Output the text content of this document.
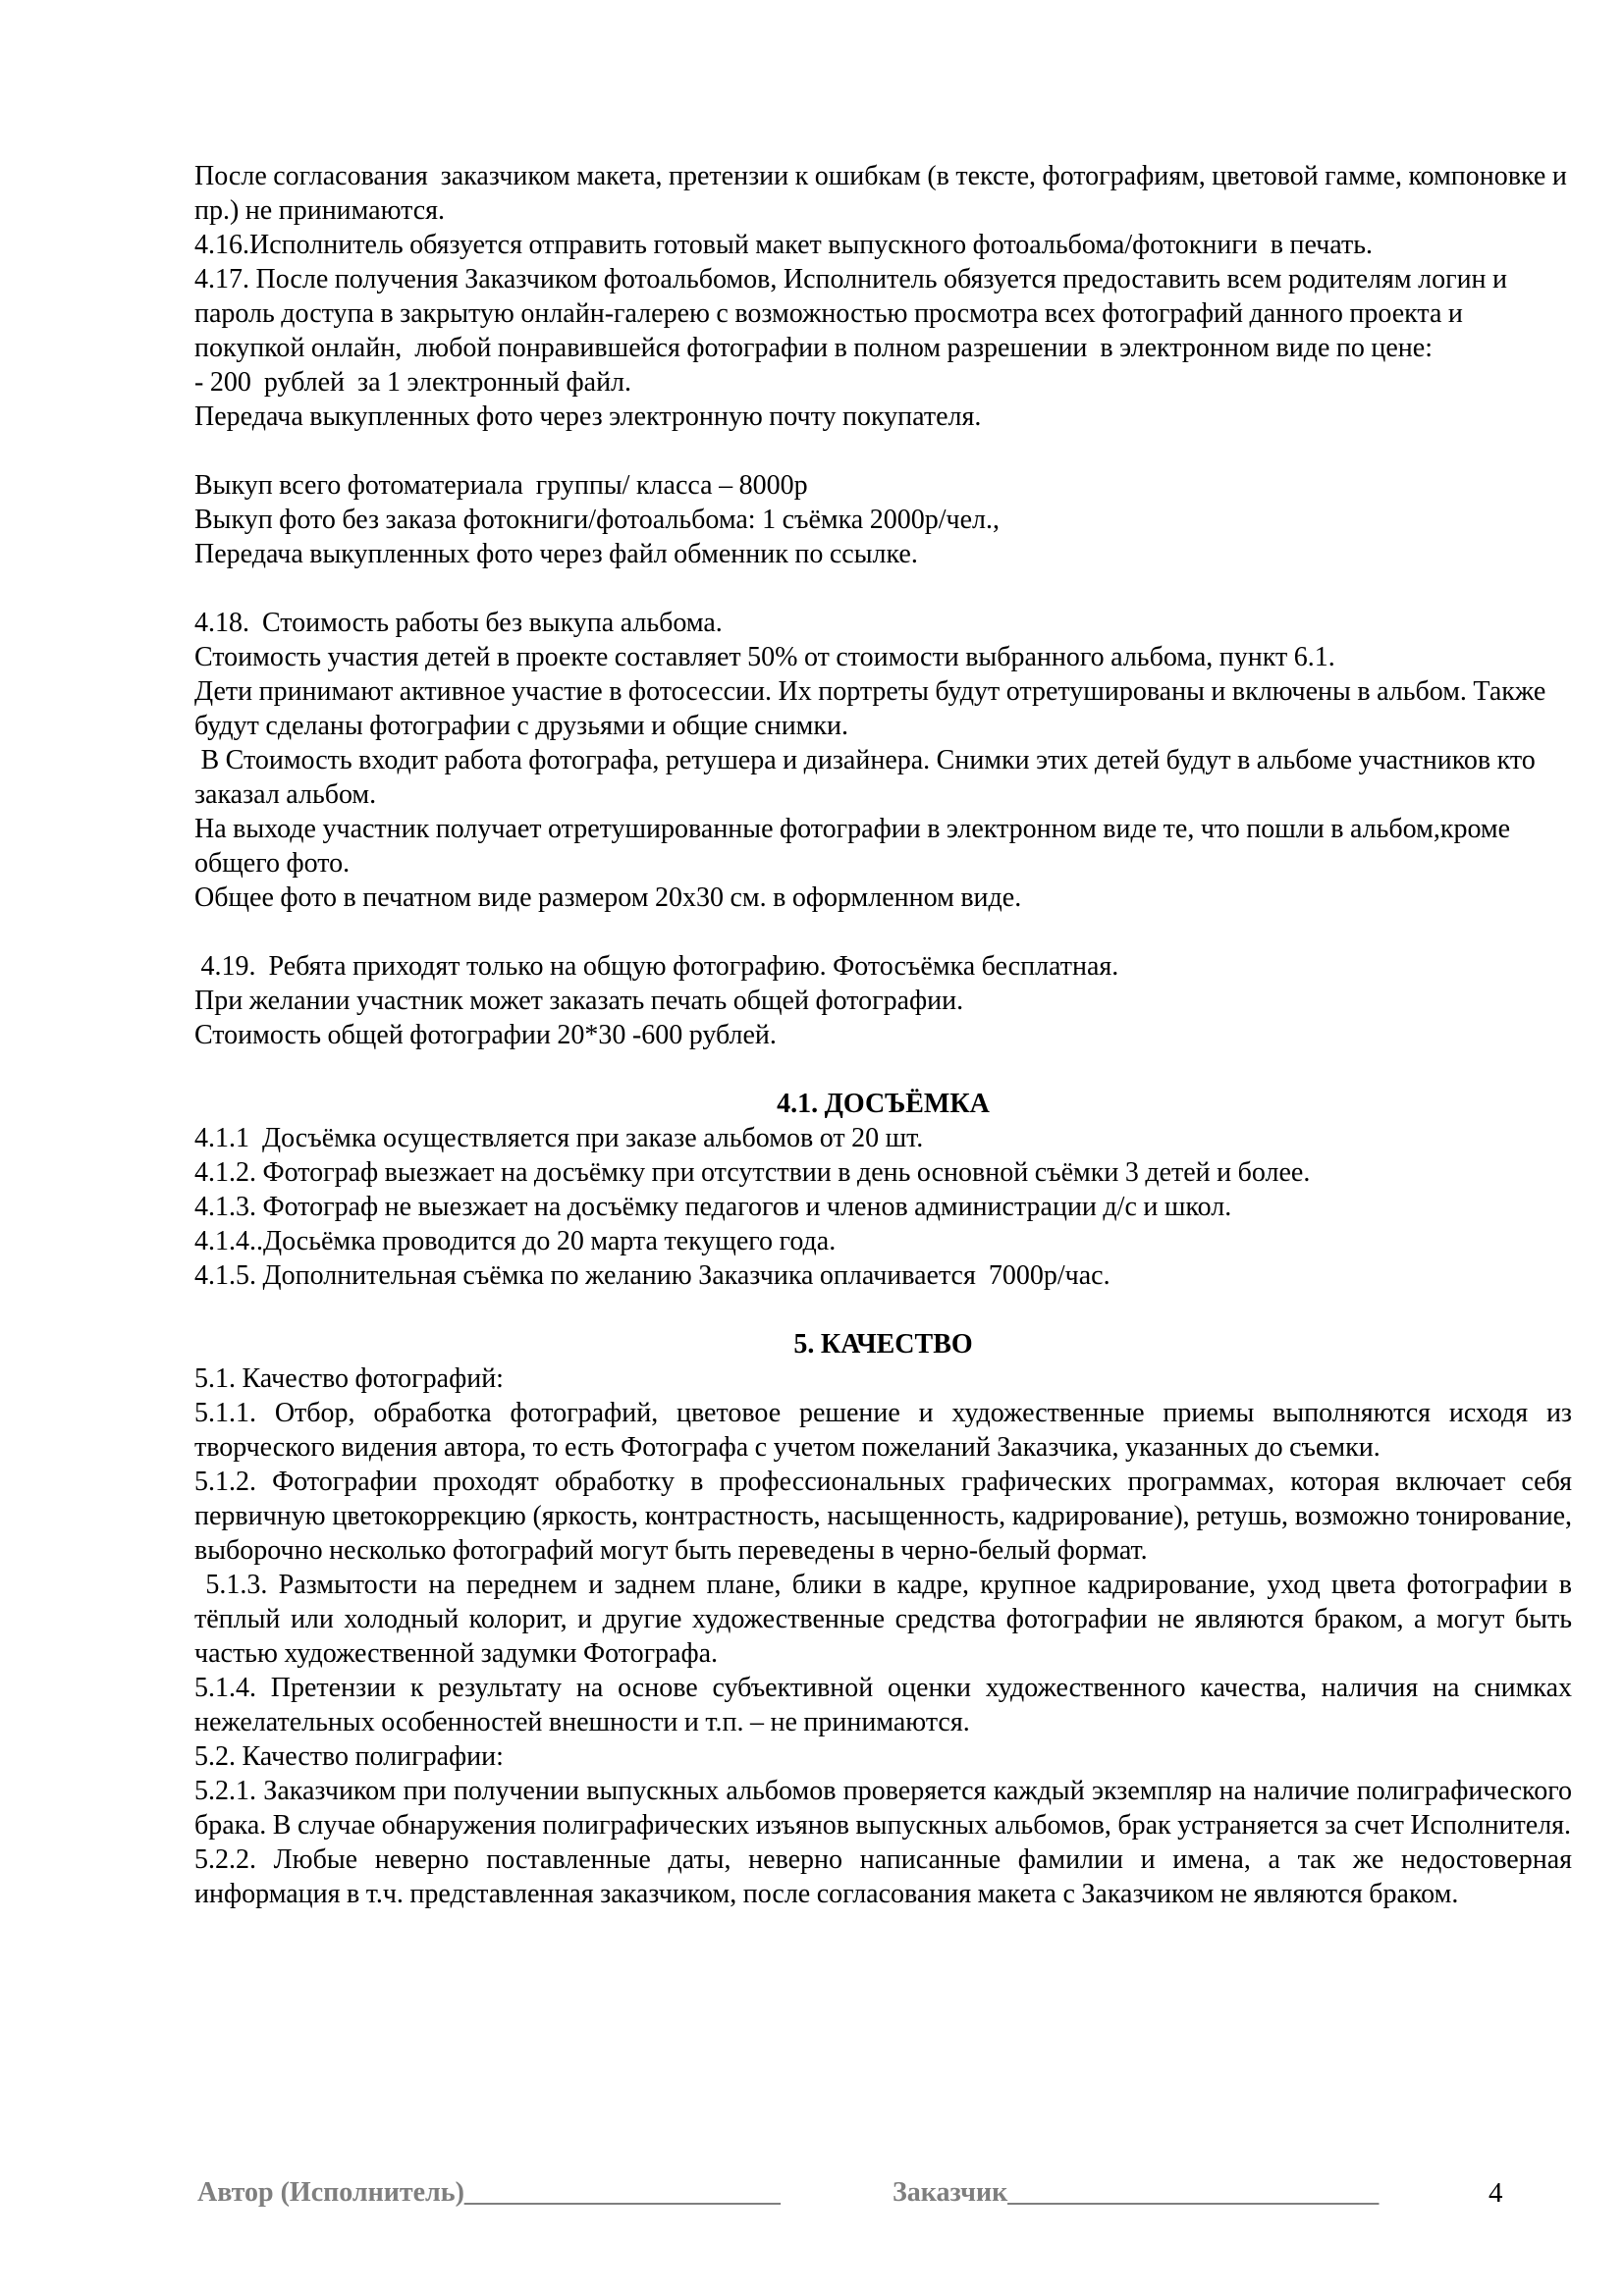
После согласования  заказчиком макета, претензии к ошибкам (в тексте, фотографиям, цветовой гамме, компоновке и пр.) не принимаются.

4.16.Исполнитель обязуется отправить готовый макет выпускного фотоальбома/фотокниги  в печать.

4.17. После получения Заказчиком фотоальбомов, Исполнитель обязуется предоставить всем родителям логин и пароль доступа в закрытую онлайн-галерею с возможностью просмотра всех фотографий данного проекта и покупкой онлайн,  любой понравившейся фотографии в полном разрешении  в электронном виде по цене:

- 200  рублей  за 1 электронный файл.

Передача выкупленных фото через электронную почту покупателя.

Выкуп всего фотоматериала  группы/ класса – 8000р

Выкуп фото без заказа фотокниги/фотоальбома: 1 съёмка 2000р/чел.,

Передача выкупленных фото через файл обменник по ссылке.

4.18.  Стоимость работы без выкупа альбома.

Стоимость участия детей в проекте составляет 50% от стоимости выбранного альбома, пункт 6.1.

Дети принимают активное участие в фотосессии. Их портреты будут отретушированы и включены в альбом. Также будут сделаны фотографии с друзьями и общие снимки.

В Стоимость входит работа фотографа, ретушера и дизайнера. Снимки этих детей будут в альбоме участников кто заказал альбом.

На выходе участник получает отретушированные фотографии в электронном виде те, что пошли в альбом,кроме общего фото.

Общее фото в печатном виде размером 20х30 см. в оформленном виде.

4.19.  Ребята приходят только на общую фотографию. Фотосъёмка бесплатная.

При желании участник может заказать печать общей фотографии.

Стоимость общей фотографии 20*30 -600 рублей.

4.1. ДОСЪЁМКА

4.1.1  Досъёмка осуществляется при заказе альбомов от 20 шт.

4.1.2. Фотограф выезжает на досъёмку при отсутствии в день основной съёмки 3 детей и более.

4.1.3. Фотограф не выезжает на досъёмку педагогов и членов администрации д/с и школ.

4.1.4..Досьёмка проводится до 20 марта текущего года.

4.1.5. Дополнительная съёмка по желанию Заказчика оплачивается  7000р/час.

5. КАЧЕСТВО

5.1. Качество фотографий:

5.1.1. Отбор, обработка фотографий, цветовое решение и художественные приемы выполняются исходя из творческого видения автора, то есть Фотографа с учетом пожеланий Заказчика, указанных до съемки.

5.1.2. Фотографии проходят обработку в профессиональных графических программах, которая включает себя первичную цветокоррекцию (яркость, контрастность, насыщенность, кадрирование), ретушь, возможно тонирование, выборочно несколько фотографий могут быть переведены в черно-белый формат.

5.1.3. Размытости на переднем и заднем плане, блики в кадре, крупное кадрирование, уход цвета фотографии в тёплый или холодный колорит, и другие художественные средства фотографии не являются браком, а могут быть частью художественной задумки Фотографа.

5.1.4. Претензии к результату на основе субъективной оценки художественного качества, наличия на снимках нежелательных особенностей внешности и т.п. – не принимаются.

5.2. Качество полиграфии:

5.2.1. Заказчиком при получении выпускных альбомов проверяется каждый экземпляр на наличие полиграфического брака. В случае обнаружения полиграфических изъянов выпускных альбомов, брак устраняется за счет Исполнителя.

5.2.2. Любые неверно поставленные даты, неверно написанные фамилии и имена, а так же недостоверная информация в т.ч. представленная заказчиком, после согласования макета с Заказчиком не являются браком.

Автор (Исполнитель)_______________________	Заказчик___________________________	4
